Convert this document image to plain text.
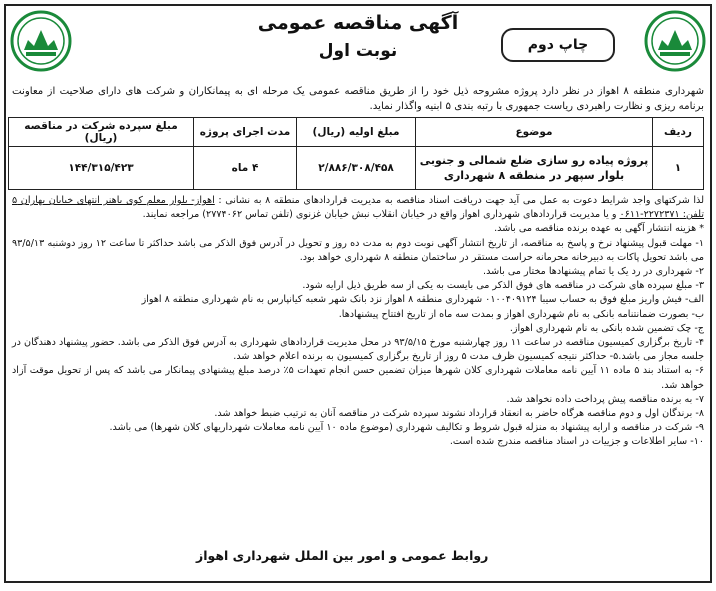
آگهی مناقصه عمومی
نوبت اول	چاپ دوم
شهرداری منطقه ۸ اهواز در نظر دارد پروژه مشروحه ذیل خود را از طریق مناقصه عمومی یک مرحله ای به پیمانکاران و شرکت های دارای صلاحیت از معاونت برنامه ریزی و نظارت راهبردی ریاست جمهوری با رتبه بندی ۵ ابنیه واگذار نماید.
ردیف	موضوع	مبلغ اولیه (ریال)	مدت اجرای پروژه	مبلغ سپرده شرکت در مناقصه (ریال)
۱	پروژه پیاده رو سازی ضلع شمالی و جنوبی بلوار سپهر در منطقه ۸ شهرداری	۲/۸۸۶/۳۰۸/۴۵۸	۴ ماه	۱۴۴/۳۱۵/۴۲۳

لذا شرکتهای واجد شرایط دعوت به عمل می آید جهت دریافت اسناد مناقصه به مدیریت قراردادهای منطقه ۸ به نشانی : اهواز- بلوار معلم کوی باهنر انتهای خیابان بهاران ۵ تلفن: ۲۲۷۲۳۷۱-۰۶۱۱ و یا مدیریت قراردادهای شهرداری اهواز واقع در خیابان انقلاب نبش خیابان غزنوی (تلفن تماس ۲۷۷۴۰۶۲) مراجعه نمایند.

* هزینه انتشار آگهی به عهده برنده مناقصه می باشد.

۱- مهلت قبول پیشنهاد نرخ و پاسخ به مناقصه، از تاریخ انتشار آگهی نوبت دوم به مدت ده روز و تحویل در آدرس فوق الذکر می باشد حداکثر تا ساعت ۱۲ روز دوشنبه ۹۳/۵/۱۳ می باشد تحویل پاکات به دبیرخانه محرمانه حراست مستقر در ساختمان منطقه ۸ شهرداری خواهد بود.

۲- شهرداری در رد یک یا تمام پیشنهادها مختار می باشد.

۳- مبلغ سپرده های شرکت در مناقصه های فوق الذکر می بایست به یکی از سه طریق ذیل ارایه شود.

الف- فیش واریز مبلغ فوق به حساب سیبا ۰۱۰۰۴۰۹۱۲۴ شهرداری منطقه ۸ اهواز نزد بانک شهر شعبه کیانپارس به نام شهرداری منطقه ۸ اهواز

ب- بصورت ضمانتنامه بانکی به نام شهرداری اهواز و بمدت سه ماه از تاریخ افتتاح پیشنهادها.

ج- چک تضمین شده بانکی به نام شهرداری اهواز.

۴- تاریخ برگزاری کمیسیون مناقصه در ساعت ۱۱ روز چهارشنبه مورخ ۹۳/۵/۱۵ در محل مدیریت قراردادهای شهرداری به آدرس فوق الذکر می باشد. حضور پیشنهاد دهندگان در جلسه مجاز می باشد.۵- حداکثر نتیجه کمیسیون ظرف مدت ۵ روز از تاریخ برگزاری کمیسیون به برنده اعلام خواهد شد.

۶- به استناد بند ۵ ماده ۱۱ آیین نامه معاملات شهرداری کلان شهرها میزان تضمین حسن انجام تعهدات ۵٪ درصد مبلغ پیشنهادی پیمانکار می باشد که پس از تحویل موقت آزاد خواهد شد.

۷- به برنده مناقصه پیش پرداخت داده نخواهد شد.

۸- برندگان اول و دوم مناقصه هرگاه حاضر به انعقاد قرارداد نشوند سپرده شرکت در مناقصه آنان به ترتیب ضبط خواهد شد.

۹- شرکت در مناقصه و ارایه پیشنهاد به منزله قبول شروط و تکالیف شهرداری (موضوع ماده ۱۰ آیین نامه معاملات شهرداریهای کلان شهرها) می باشد.

۱۰- سایر اطلاعات و جزییات در اسناد مناقصه مندرج شده است.

روابط عمومی و امور بین الملل شهرداری اهواز
